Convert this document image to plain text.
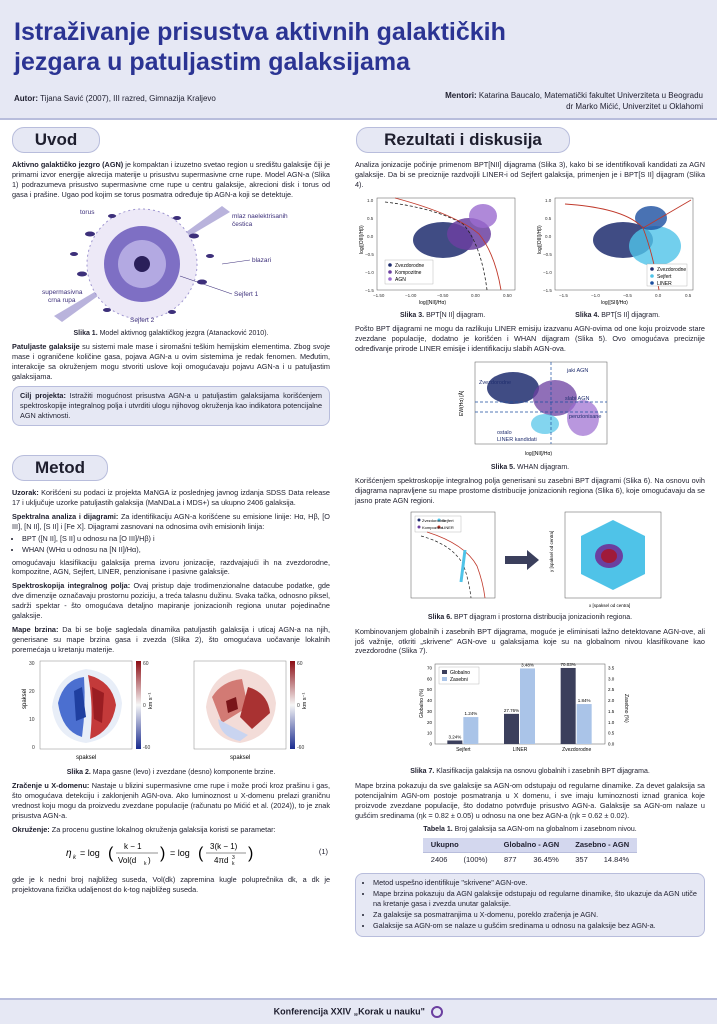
Istraživanje prisustva aktivnih galaktičkih
jezgara u patuljastim galaksijama
Autor: Tijana Savić (2007), III razred, Gimnazija Kraljevo	Mentori: Katarina Baucalo, Matematički fakultet Univerziteta u Beogradu
dr Marko Mićić, Univerzitet u Oklahomi
Uvod

Aktivno galaktičko jezgro (AGN) je kompaktan i izuzetno svetao region u središtu galaksije čiji je primarni izvor energije akrecija materije u prisustvu supermasivne crne rupe. Model AGN-a (Slika 1) podrazumeva prisustvo supermasivne crne rupe u centru galaksije, akrecioni disk i torus od gasa i prašine. Ugao pod kojim se torus posmatra određuje tip AGN-a koji se detektuje.

torus
mlaz naelektrisanih
čestica
blazari
supermasivna
crna rupa
Sejfert 1
Sejfert 2
Slika 1. Model aktivnog galaktičkog jezgra (Atanacković 2010).

Patuljaste galaksije su sistemi male mase i siromašni teškim hemijskim elementima. Zbog svoje mase i ograničene količine gasa, pojava AGN-a u ovim sistemima je redak fenomen. Međutim, interakcije sa okruženjem mogu stvoriti uslove koji omogućavaju pojavu AGN-a i u patuljastim galaksijama.

Cilj projekta: Istražiti mogućnost prisustva AGN-a u patuljastim galaksijama korišćenjem spektroskopije integralnog polja i utvrditi ulogu njihovog okruženja kao indikatora potencijalne AGN aktivnosti.
Metod

Uzorak: Korišćeni su podaci iz projekta MaNGA iz poslednjeg javnog izdanja SDSS Data release 17 i uključuje uzorke patuljastih galaksija (MaNDaLa i MDS+) sa ukupno 2406 galaksija.

Spektralna analiza i dijagrami: Za identifikaciju AGN-a korišćene su emisione linije: Hα, Hβ, [O III], [N II], [S II] i [Fe X]. Dijagrami zasnovani na odnosima ovih emisionih linija:

• BPT ([N II], [S II] u odnosu na [O III]/Hβ) i
• WHAN (WHα u odnosu na [N II]/Hα),

omogućavaju klasifikaciju galaksija prema izvoru jonizacije, razdvajajući ih na zvezdorodne, kompozitne, AGN, Sejfert, LINER, penzionisane i pasivne galaksije.

Spektroskopija integralnog polja: Ovaj pristup daje trodimenzionalne datacube podatke, gde dve dimenzije označavaju prostornu poziciju, a treća talasnu dužinu. Svaka tačka, odnosno piksel, sadrži spektar - što omogućava detaljno mapiranje jonizacionih regiona unutar pojedinačne galaksije.

Mape brzina: Da bi se bolje sagledala dinamika patuljastih galaksija i uticaj AGN-a na njih, generisane su mape brzina gasa i zvezda (Slika 2), što omogućava uočavanje lokalnih poremećaja u kretanju materije.

spaksel
spaksel	spaksel
km s⁻¹	km s⁻¹
0
10
20
30	60
0
-60
60
0
-60
Slika 2. Mapa gasne (levo) i zvezdane (desno) komponente brzine.

Zračenje u X-domenu: Nastaje u blizini supermasivne crne rupe i može proći kroz prašinu i gas, što omogućava detekciju i zaklonjenih AGN-ova. Ako luminoznost u X-domenu prelazi graničnu vrednost koju mogu da proizvedu zvezdane populacije (računatu po Mićić et al. (2024)), to je znak prisustva AGN-a.

Okruženje: Za procenu gustine lokalnog okruženja galaksija koristi se parametar:

η k = log ( k − 1
Vol(d k ) ) = log ( 3(k − 1)
4πd 3
k
)	(1)

gde je k nedni broj najbližeg suseda, Vol(dk) zapremina kugle poluprečnika dk, a dk je projektovana fizička udaljenost do k-tog najbližeg suseda.

Rezultati i diskusija

Analiza jonizacije počinje primenom BPT[NII] dijagrama (Slika 3), kako bi se identifikovali kandidati za AGN galaksije. Da bi se preciznije razdvojili LINER-i od Sejfert galaksija, primenjen je i BPT[S II] dijagram (Slika 4).

Zvezdorodne
Kompozitne
AGN
log([OIII]/Hβ)
log([NII]/Hα)
1.0
0.5
0.0
−0.5
−1.0
−1.5
−1.50	−1.00	−0.50	0.00	0.50
Zvezdorodne
Sejfert
LINER
log([OIII]/Hβ)
log([SII]/Hα)
1.0
0.5
0.0
−0.5
−1.0
−1.5
−1.5	−1.0	−0.5	0.0	0.5
Slika 3. BPT[N II] dijagram.	Slika 4. BPT[S II] dijagram.

Pošto BPT dijagrami ne mogu da razlikuju LINER emisiju izazvanu AGN-ovima od one koju proizvode stare zvezdane populacije, dodatno je korišćen i WHAN dijagram (Slika 5). Ovo omogućava preciznije određivanje prirode LINER emisije i identifikaciju slabih AGN-ova.

jaki AGN
Zvezdorodne
slabi AGN
penzionisane
ostalo
LINER kandidati
EW(Hα) [Å]
log([NII]/Hα)
Slika 5. WHAN dijagram.

Korišćenjem spektroskopije integralnog polja generisani su zasebni BPT dijagrami (Slika 6). Na osnovu ovih dijagrama napravljene su mape prostorne distribucije jonizacionih regiona (Slika 6), koje omogućavaju da se jasno prate AGN regioni.

Zvezdorodne
Kompozitne
Sejfert
LINER
y [spaksel od centra]
x [spaksel od centra]
Slika 6. BPT dijagram i prostorna distribucija jonizacionih regiona.

Kombinovanjem globalnih i zasebnih BPT dijagrama, moguće je eliminisati lažno detektovane AGN-ove, ali još važnije, otkriti „skrivene" AGN-ove u galaksijama koje su na globalnom nivou klasifikovane kao zvezdorodne (Slika 7).

3.24%
1.24%
Sejfert
27.76%
3.48%
LINER
70.03%
1.84%
Zvezdorodne
0
10
20
30
40
50
60
70
0.0
0.5
1.0
1.5
2.0
2.5
3.0
3.5
Globalno
Zasebni
Globalno (%)	Zasebno (%)
Slika 7. Klasifikacija galaksija na osnovu globalnih i zasebnih BPT dijagrama.

Mape brzina pokazuju da sve galaksije sa AGN-om odstupaju od regularne dinamike. Za devet galaksija sa potencijalnim AGN-om postoje posmatranja u X domenu, i sve imaju luminoznosti iznad granica koje proizvode zvezdane populacije, što dodatno potvrđuje prisustvo AGN-a. Galaksije sa AGN-om nalaze u gušćim sredinama (ηk = 0.82 ± 0.05) u odnosu na one bez AGN-a (ηk = 0.62 ± 0.02).

Tabela 1. Broj galaksija sa AGN-om na globalnom i zasebnom nivou.
Ukupno		Globalno - AGN		Zasebno - AGN	
2406	(100%)	877	36.45%	357	14.84%
• Metod uspešno identifikuje "skrivene" AGN-ove.
• Mape brzina pokazuju da AGN galaksije odstupaju od regularne dinamike, što ukazuje da AGN utiče na kretanje gasa i zvezda unutar galaksije.
• Za galaksije sa posmatranjima u X-domenu, poreklo zračenja je AGN.
• Galaksije sa AGN-om se nalaze u gušćim sredinama u odnosu na galaksije bez AGN-a.
Konferencija XXIV „Korak u nauku"
